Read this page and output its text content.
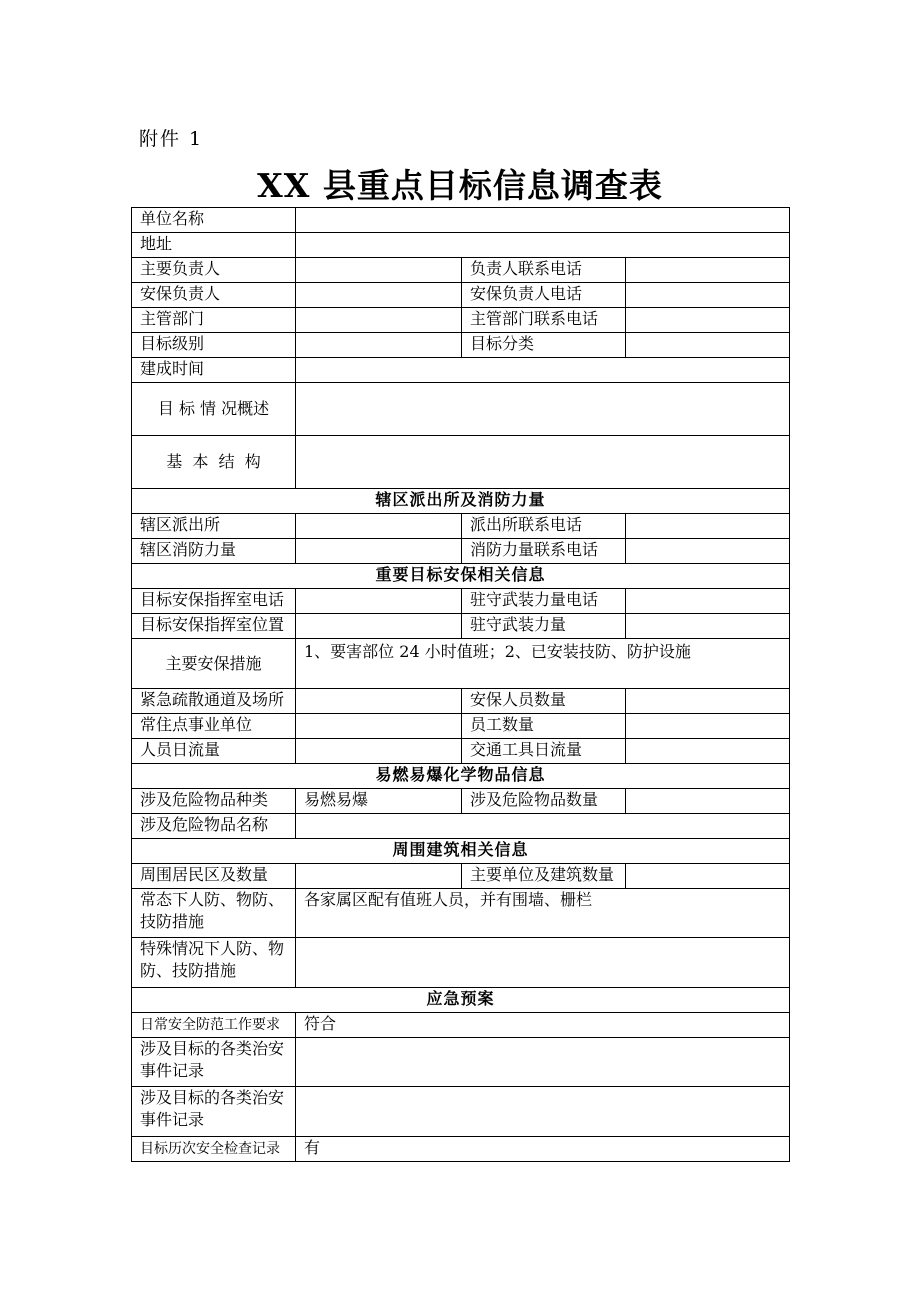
附件 1
XX 县重点目标信息调查表
单位名称			
地址			
主要负责人		负责人联系电话	
安保负责人		安保负责人电话	
主管部门		主管部门联系电话	
目标级别		目标分类	
建成时间			
目 标 情 况概述			
基  本  结  构			
辖区派出所及消防力量			
辖区派出所		派出所联系电话	
辖区消防力量		消防力量联系电话	
重要目标安保相关信息			
目标安保指挥室电话		驻守武装力量电话	
目标安保指挥室位置		驻守武装力量	
主要安保措施	1、要害部位 24 小时值班；2、已安装技防、防护设施		
紧急疏散通道及场所		安保人员数量	
常住点事业单位		员工数量	
人员日流量		交通工具日流量	
易燃易爆化学物品信息			
涉及危险物品种类	易燃易爆	涉及危险物品数量	
涉及危险物品名称			
周围建筑相关信息			
周围居民区及数量		主要单位及建筑数量	

常态下人防、物防、
技防措施	各家属区配有值班人员，并有围墙、栅栏		

特殊情况下人防、物
防、技防措施			

应急预案			
日常安全防范工作要求	符合		

涉及目标的各类治安
事件记录			

涉及目标的各类治安
事件记录			

目标历次安全检查记录	有		
